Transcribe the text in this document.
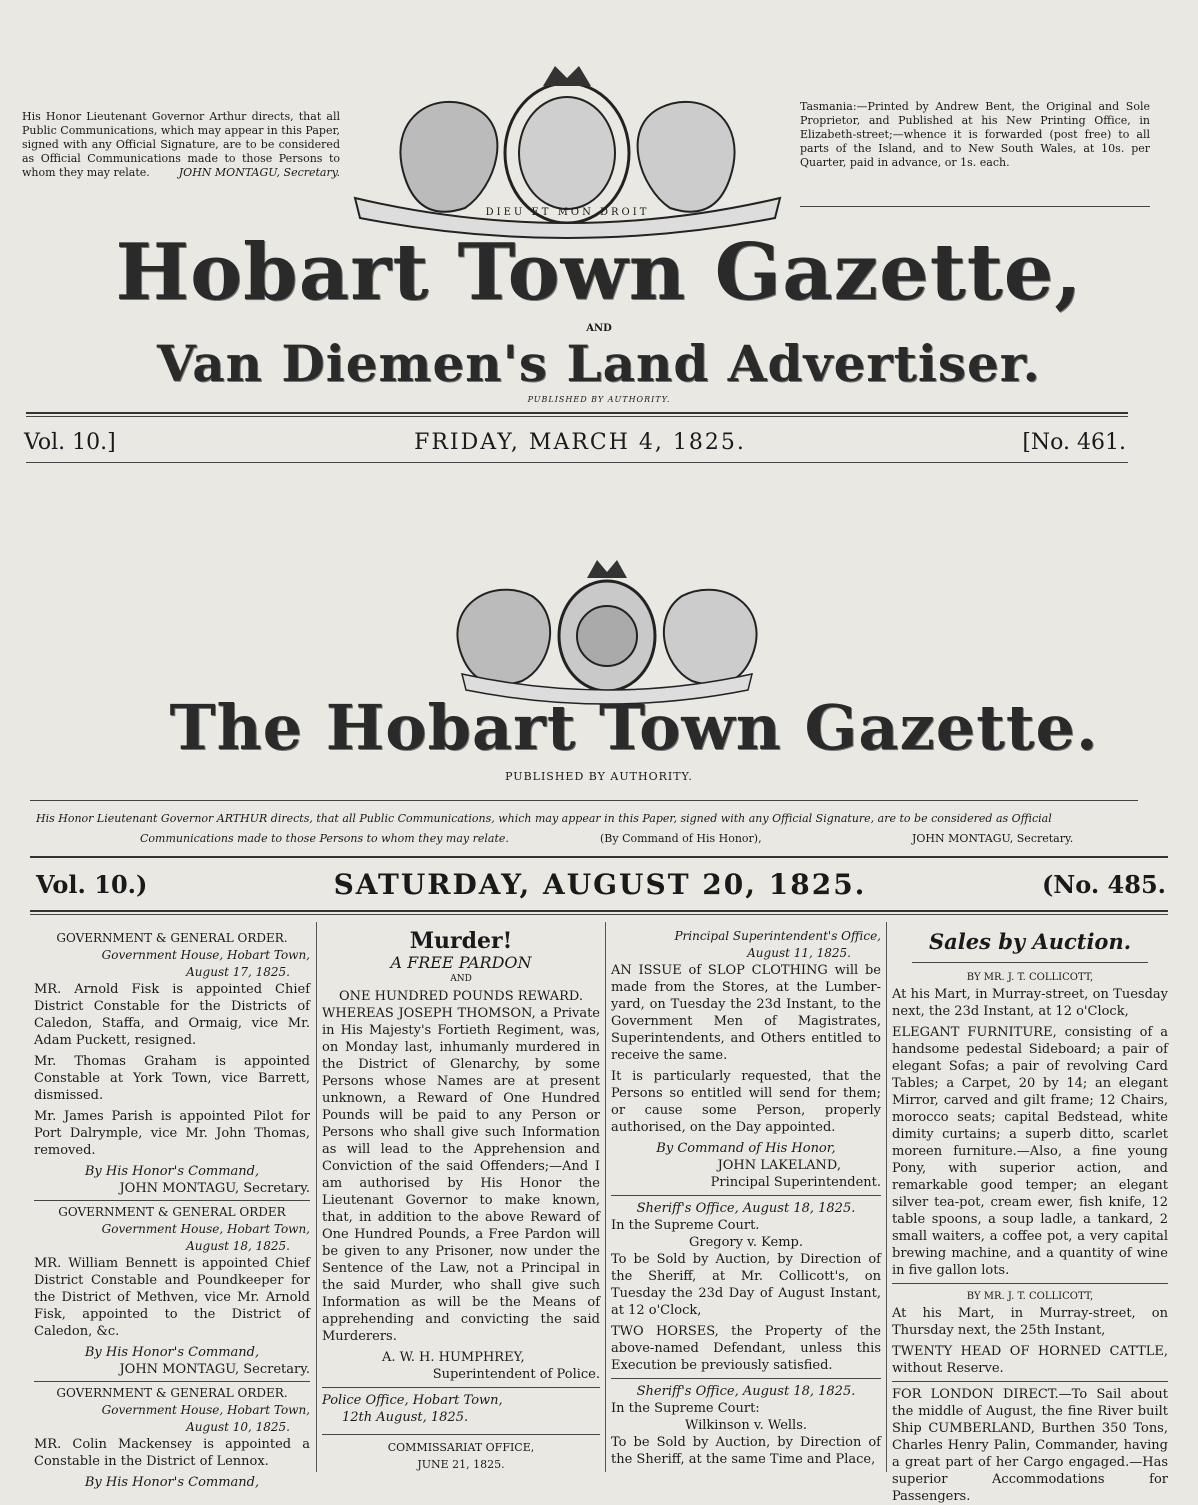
His Honor Lieutenant Governor Arthur directs, that all Public Communications, which may appear in this Paper, signed with any Official Signature, are to be considered as Official Communications made to those Persons to whom they may relate.	JOHN MONTAGU, Secretary.
DIEU ET MON DROIT
Tasmania:—Printed by Andrew Bent, the Original and Sole Proprietor, and Published at his New Printing Office, in Elizabeth-street;—whence it is forwarded (post free) to all parts of the Island, and to New South Wales, at 10s. per Quarter, paid in advance, or 1s. each.
Hobart Town Gazette,
AND
Van Diemen's Land Advertiser.
PUBLISHED BY AUTHORITY.
Vol. 10.]	FRIDAY, MARCH 4, 1825.	[No. 461.
The Hobart Town Gazette.
PUBLISHED BY AUTHORITY.
His Honor Lieutenant Governor ARTHUR directs, that all Public Communications, which may appear in this Paper, signed with any Official Signature, are to be considered as Official
Communications made to those Persons to whom they may relate.	(By Command of His Honor),	JOHN MONTAGU, Secretary.
Vol. 10.)	SATURDAY, AUGUST 20, 1825.	(No. 485.
GOVERNMENT & GENERAL ORDER.
Government House, Hobart Town,
August 17, 1825.

MR. Arnold Fisk is appointed Chief District Constable for the Districts of Caledon, Staffa, and Ormaig, vice Mr. Adam Puckett, resigned.

Mr. Thomas Graham is appointed Constable at York Town, vice Barrett, dismissed.

Mr. James Parish is appointed Pilot for Port Dalrymple, vice Mr. John Thomas, removed.

By His Honor's Command,
JOHN MONTAGU, Secretary.
GOVERNMENT & GENERAL ORDER
Government House, Hobart Town,
August 18, 1825.

MR. William Bennett is appointed Chief District Constable and Poundkeeper for the District of Methven, vice Mr. Arnold Fisk, appointed to the District of Caledon, &c.

By His Honor's Command,
JOHN MONTAGU, Secretary.
GOVERNMENT & GENERAL ORDER.
Government House, Hobart Town,
August 10, 1825.

MR. Colin Mackensey is appointed a Constable in the District of Lennox.

By His Honor's Command,
Murder!
A FREE PARDON
AND
ONE HUNDRED POUNDS REWARD.

WHEREAS JOSEPH THOMSON, a Private in His Majesty's Fortieth Regiment, was, on Monday last, inhumanly murdered in the District of Glenarchy, by some Persons whose Names are at present unknown, a Reward of One Hundred Pounds will be paid to any Person or Persons who shall give such Information as will lead to the Apprehension and Conviction of the said Offenders;—And I am authorised by His Honor the Lieutenant Governor to make known, that, in addition to the above Reward of One Hundred Pounds, a Free Pardon will be given to any Prisoner, now under the Sentence of the Law, not a Principal in the said Murder, who shall give such Information as will be the Means of apprehending and convicting the said Murderers.

A. W. H. HUMPHREY,
Superintendent of Police.
Police Office, Hobart Town,
12th August, 1825.
COMMISSARIAT OFFICE,
JUNE 21, 1825.
Principal Superintendent's Office,
August 11, 1825.

AN ISSUE of SLOP CLOTHING will be made from the Stores, at the Lumber-yard, on Tuesday the 23d Instant, to the Government Men of Magistrates, Superintendents, and Others entitled to receive the same.

It is particularly requested, that the Persons so entitled will send for them; or cause some Person, properly authorised, on the Day appointed.

By Command of His Honor,
JOHN LAKELAND,
Principal Superintendent.
Sheriff's Office, August 18, 1825.
In the Supreme Court.
Gregory v. Kemp.

To be Sold by Auction, by Direction of the Sheriff, at Mr. Collicott's, on Tuesday the 23d Day of August Instant, at 12 o'Clock,

TWO HORSES, the Property of the above-named Defendant, unless this Execution be previously satisfied.

Sheriff's Office, August 18, 1825.
In the Supreme Court:
Wilkinson v. Wells.

To be Sold by Auction, by Direction of the Sheriff, at the same Time and Place,

Sales by Auction.
BY MR. J. T. COLLICOTT,

At his Mart, in Murray-street, on Tuesday next, the 23d Instant, at 12 o'Clock,

ELEGANT FURNITURE, consisting of a handsome pedestal Sideboard; a pair of elegant Sofas; a pair of revolving Card Tables; a Carpet, 20 by 14; an elegant Mirror, carved and gilt frame; 12 Chairs, morocco seats; capital Bedstead, white dimity curtains; a superb ditto, scarlet moreen furniture.—Also, a fine young Pony, with superior action, and remarkable good temper; an elegant silver tea-pot, cream ewer, fish knife, 12 table spoons, a soup ladle, a tankard, 2 small waiters, a coffee pot, a very capital brewing machine, and a quantity of wine in five gallon lots.

BY MR. J. T. COLLICOTT,

At his Mart, in Murray-street, on Thursday next, the 25th Instant,

TWENTY HEAD OF HORNED CATTLE, without Reserve.

FOR LONDON DIRECT.—To Sail about the middle of August, the fine River built Ship CUMBERLAND, Burthen 350 Tons, Charles Henry Palin, Commander, having a great part of her Cargo engaged.—Has superior Accommodations for Passengers.
